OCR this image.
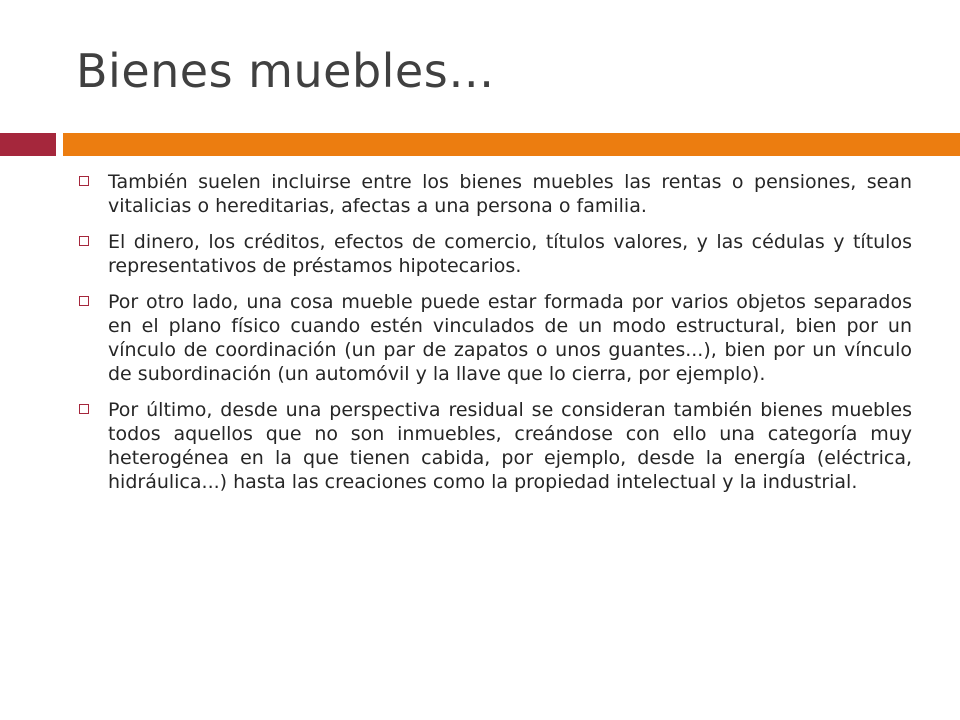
Bienes muebles…
También suelen incluirse entre los bienes muebles las rentas o pensiones, sean vitalicias o hereditarias, afectas a una persona o familia.
El dinero, los créditos, efectos de comercio, títulos valores, y las cédulas y títulos representativos de préstamos hipotecarios.
Por otro lado, una cosa mueble puede estar formada por varios objetos separados en el plano físico cuando estén vinculados de un modo estructural, bien por un vínculo de coordinación (un par de zapatos o unos guantes...), bien por un vínculo de subordinación (un automóvil y la llave que lo cierra, por ejemplo).
Por último, desde una perspectiva residual se consideran también bienes muebles todos aquellos que no son inmuebles, creándose con ello una categoría muy heterogénea en la que tienen cabida, por ejemplo, desde la energía (eléctrica, hidráulica...) hasta las creaciones como la propiedad intelectual y la industrial.
